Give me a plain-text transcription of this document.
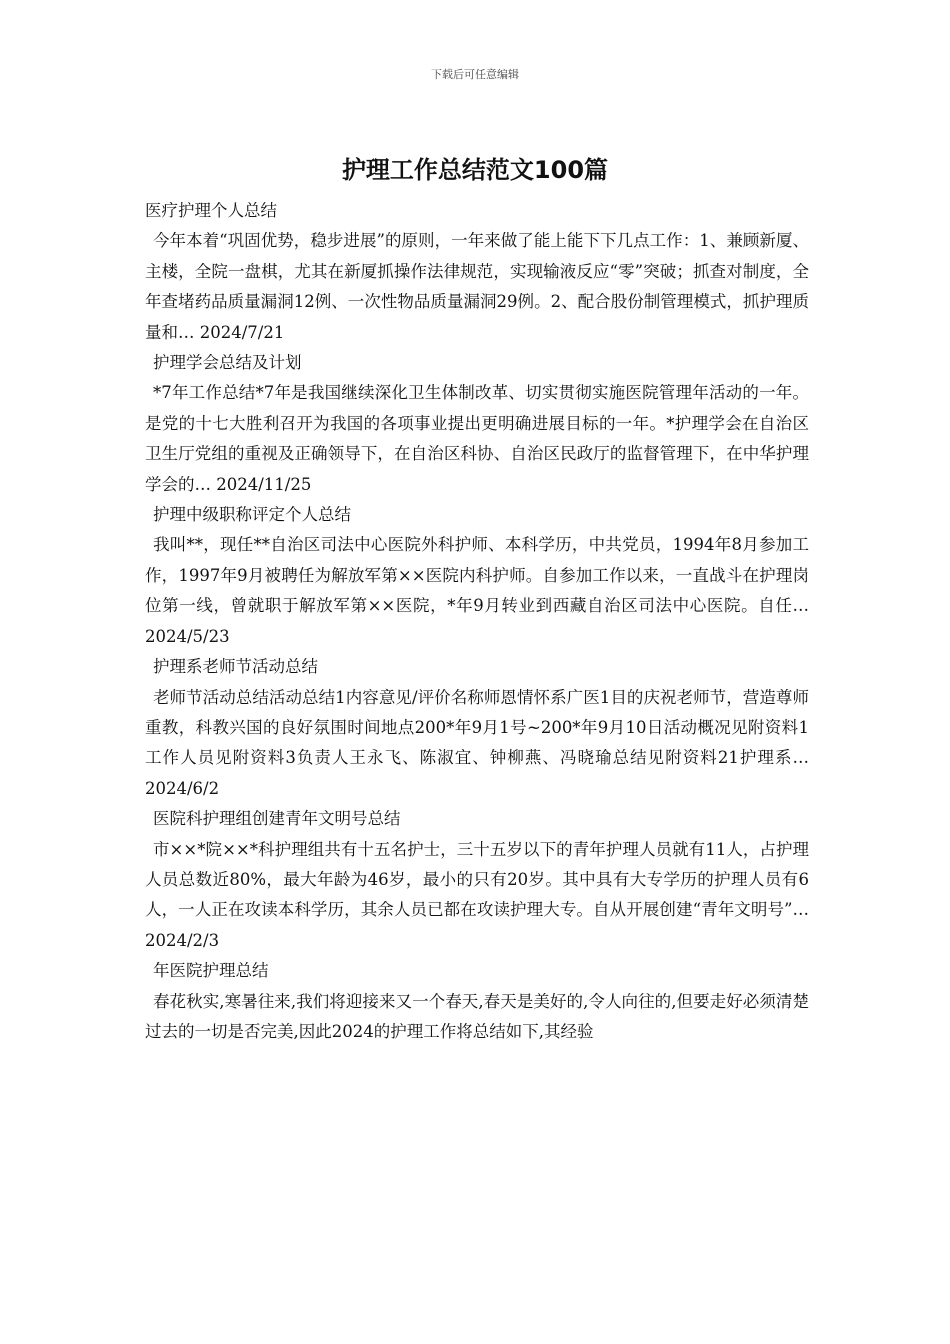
下载后可任意编辑
护理工作总结范文100篇

医疗护理个人总结

今年本着“巩固优势，稳步进展”的原则，一年来做了能上能下下几点工作：1、兼顾新厦、主楼，全院一盘棋，尤其在新厦抓操作法律规范，实现输液反应“零”突破；抓查对制度，全年查堵药品质量漏洞12例、一次性物品质量漏洞29例。2、配合股份制管理模式，抓护理质量和… 2024/7/21

护理学会总结及计划

*7年工作总结*7年是我国继续深化卫生体制改革、切实贯彻实施医院管理年活动的一年。是党的十七大胜利召开为我国的各项事业提出更明确进展目标的一年。*护理学会在自治区卫生厅党组的重视及正确领导下，在自治区科协、自治区民政厅的监督管理下，在中华护理学会的… 2024/11/25

护理中级职称评定个人总结

我叫**，现任**自治区司法中心医院外科护师、本科学历，中共党员，1994年8月参加工作，1997年9月被聘任为解放军第××医院内科护师。自参加工作以来，一直战斗在护理岗位第一线，曾就职于解放军第××医院，*年9月转业到西藏自治区司法中心医院。自任… 2024/5/23

护理系老师节活动总结

老师节活动总结活动总结1内容意见/评价名称师恩情怀系广医1目的庆祝老师节，营造尊师重教，科教兴国的良好氛围时间地点200*年9月1号~200*年9月10日活动概况见附资料1工作人员见附资料3负责人王永飞、陈淑宜、钟柳燕、冯晓瑜总结见附资料21护理系… 2024/6/2

医院科护理组创建青年文明号总结

市××*院××*科护理组共有十五名护士，三十五岁以下的青年护理人员就有11人，占护理人员总数近80%，最大年龄为46岁，最小的只有20岁。其中具有大专学历的护理人员有6人，一人正在攻读本科学历，其余人员已都在攻读护理大专。自从开展创建“青年文明号”… 2024/2/3

年医院护理总结

春花秋实,寒暑往来,我们将迎接来又一个春天,春天是美好的,令人向往的,但要走好必须清楚过去的一切是否完美,因此2024的护理工作将总结如下,其经验
